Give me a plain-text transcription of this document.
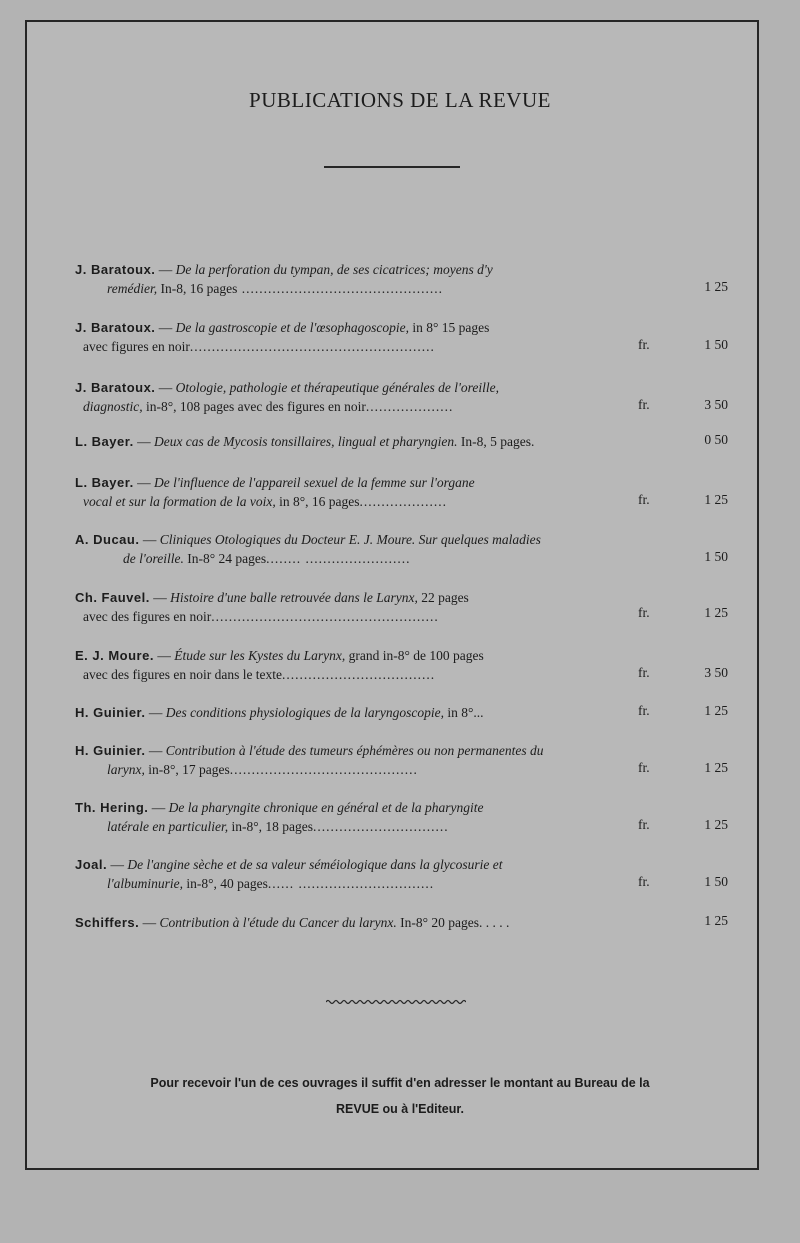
PUBLICATIONS DE LA REVUE
J. Baratoux. — De la perforation du tympan, de ses cicatrices; moyens d'y
remédier, In-8, 16 pages ..............................................	1 25
J. Baratoux. — De la gastroscopie et de l'œsophagoscopie, in 8° 15 pages
avec figures en noir........................................................	fr.	1 50
J. Baratoux. — Otologie, pathologie et thérapeutique générales de l'oreille,
diagnostic, in-8°, 108 pages avec des figures en noir....................	fr.	3 50
L. Bayer. — Deux cas de Mycosis tonsillaires, lingual et pharyngien. In-8, 5 pages.	0 50
L. Bayer. — De l'influence de l'appareil sexuel de la femme sur l'organe
vocal et sur la formation de la voix, in 8°, 16 pages....................	fr.	1 25
A. Ducau. — Cliniques Otologiques du Docteur E. J. Moure. Sur quelques maladies
de l'oreille. In-8° 24 pages........ ........................	1 50
Ch. Fauvel. — Histoire d'une balle retrouvée dans le Larynx, 22 pages
avec des figures en noir....................................................	fr.	1 25
E. J. Moure. — Étude sur les Kystes du Larynx, grand in-8° de 100 pages
avec des figures en noir dans le texte...................................	fr.	3 50
H. Guinier. — Des conditions physiologiques de la laryngoscopie, in 8°...	fr.	1 25
H. Guinier. — Contribution à l'étude des tumeurs éphémères ou non permanentes du
larynx, in-8°, 17 pages...........................................	fr.	1 25
Th. Hering. — De la pharyngite chronique en général et de la pharyngite
latérale en particulier, in-8°, 18 pages...............................	fr.	1 25
Joal. — De l'angine sèche et de sa valeur séméiologique dans la glycosurie et
l'albuminurie, in-8°, 40 pages...... ...............................	fr.	1 50
Schiffers. — Contribution à l'étude du Cancer du larynx. In-8° 20 pages. . . . .	1 25
Pour recevoir l'un de ces ouvrages il suffit d'en adresser le montant au Bureau de la
REVUE ou à l'Editeur.
